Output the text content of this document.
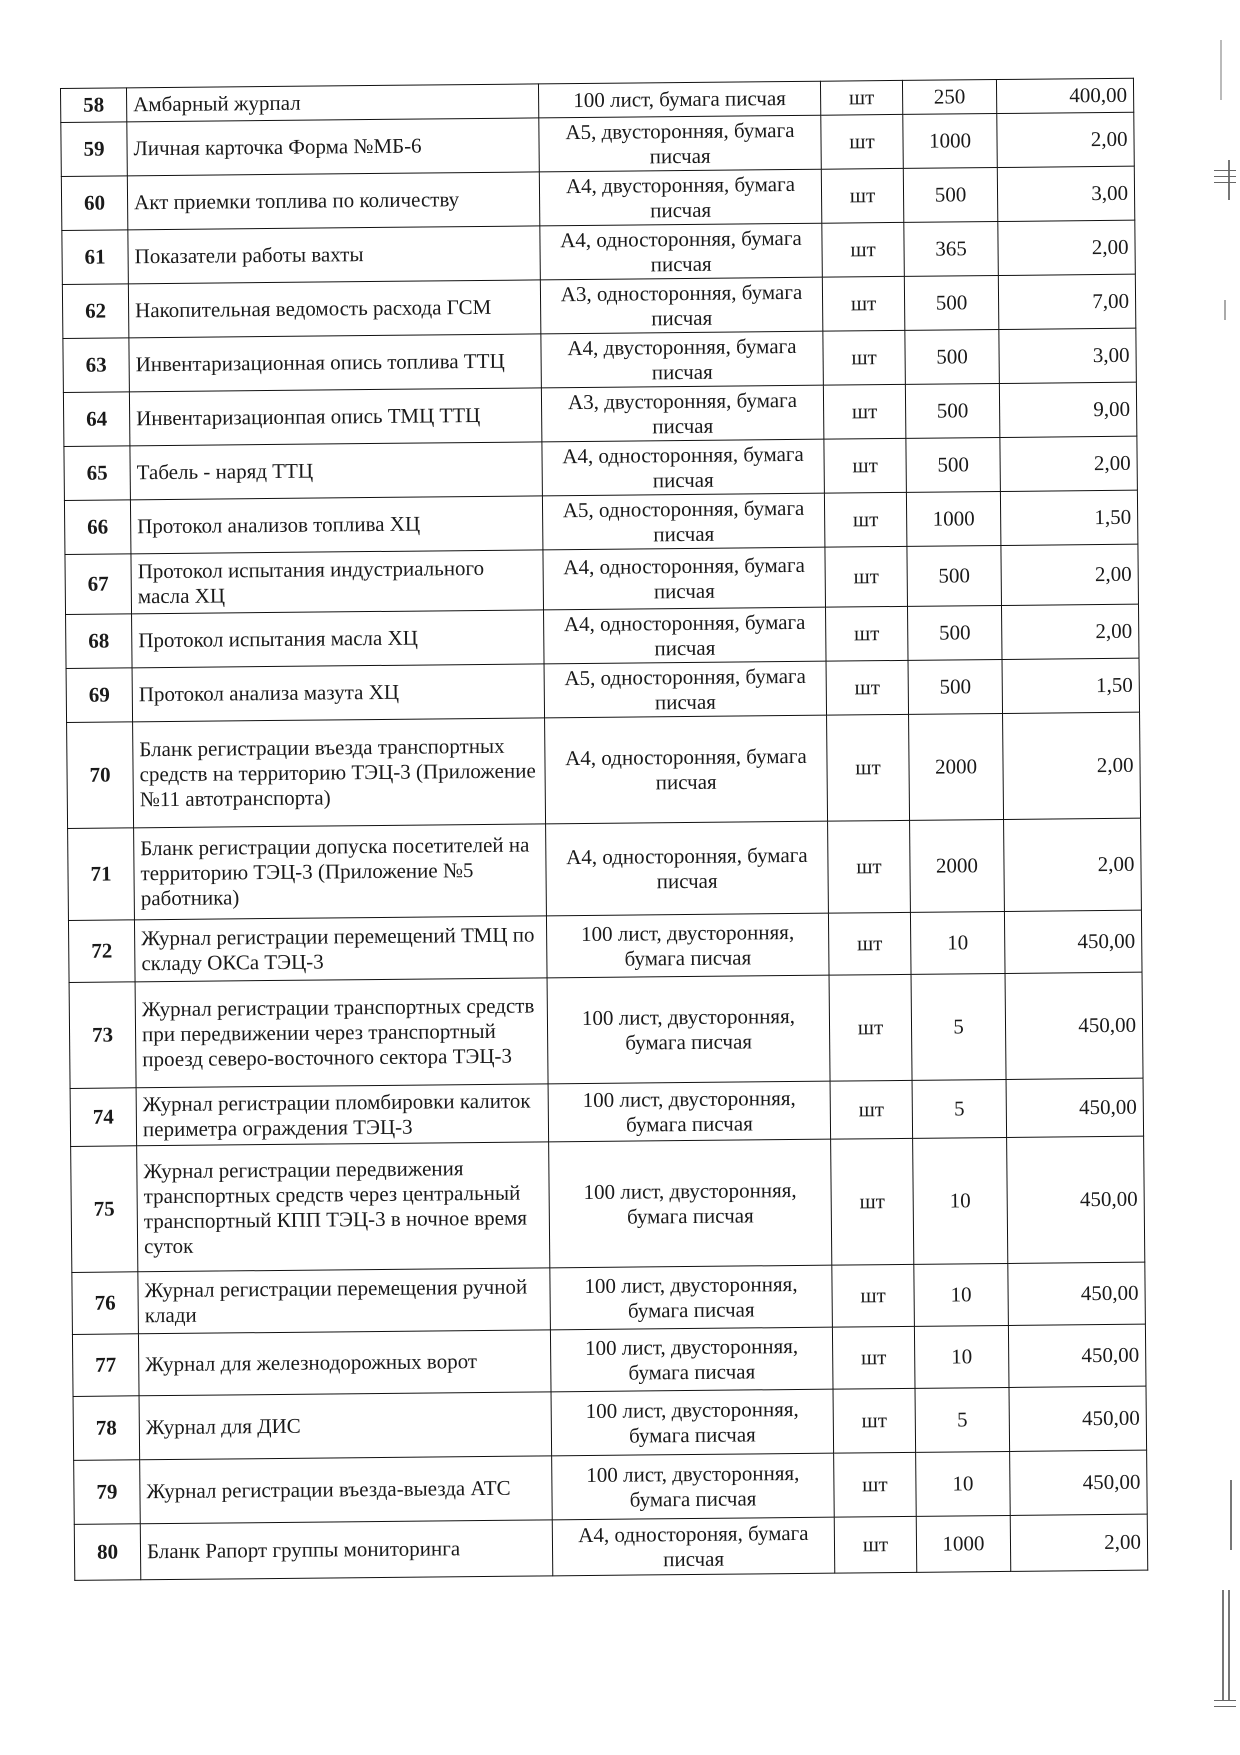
58	Амбарный журпал	100 лист, бумага писчая	шт	250	400,00
59	Личная карточка Форма №МБ-6	А5, двусторонняя, бумага писчая	шт	1000	2,00
60	Акт приемки топлива по количеству	А4, двусторонняя, бумага писчая	шт	500	3,00
61	Показатели работы вахты	А4, односторонняя, бумага писчая	шт	365	2,00
62	Накопительная ведомость расхода ГСМ	А3, односторонняя, бумага писчая	шт	500	7,00
63	Инвентаризационная опись топлива ТТЦ	А4, двусторонняя, бумага писчая	шт	500	3,00
64	Инвентаризационпая опись ТМЦ ТТЦ	А3, двусторонняя, бумага писчая	шт	500	9,00
65	Табель - наряд ТТЦ	А4, односторонняя, бумага писчая	шт	500	2,00
66	Протокол анализов топлива ХЦ	А5, односторонняя, бумага писчая	шт	1000	1,50
67	Протокол испытания индустриального масла ХЦ	А4, односторонняя, бумага писчая	шт	500	2,00
68	Протокол испытания масла ХЦ	А4, односторонняя, бумага писчая	шт	500	2,00
69	Протокол анализа мазута ХЦ	А5, односторонняя, бумага писчая	шт	500	1,50
70	Бланк регистрации въезда транспортных средств на территорию ТЭЦ-3 (Приложение №11 автотранспорта)	А4, односторонняя, бумага писчая	шт	2000	2,00
71	Бланк регистрации допуска посетителей на территорию ТЭЦ-3 (Приложение №5 работника)	А4, односторонняя, бумага писчая	шт	2000	2,00
72	Журнал регистрации перемещений ТМЦ по складу ОКСа ТЭЦ-3	100 лист, двусторонняя, бумага писчая	шт	10	450,00
73	Журнал регистрации транспортных средств при передвижении через транспортный проезд северо-восточного сектора ТЭЦ-3	100 лист, двусторонняя, бумага писчая	шт	5	450,00
74	Журнал регистрации пломбировки калиток периметра ограждения ТЭЦ-3	100 лист, двусторонняя, бумага писчая	шт	5	450,00
75	Журнал регистрации передвижения транспортных средств через центральный транспортный КПП ТЭЦ-3 в ночное время суток	100 лист, двусторонняя, бумага писчая	шт	10	450,00
76	Журнал регистрации перемещения ручной клади	100 лист, двусторонняя, бумага писчая	шт	10	450,00
77	Журнал для железнодорожных ворот	100 лист, двусторонняя, бумага писчая	шт	10	450,00
78	Журнал для ДИС	100 лист, двусторонняя, бумага писчая	шт	5	450,00
79	Журнал регистрации въезда-выезда АТС	100 лист, двусторонняя, бумага писчая	шт	10	450,00
80	Бланк Рапорт группы мониторинга	А4, одностороняя, бумага писчая	шт	1000	2,00
